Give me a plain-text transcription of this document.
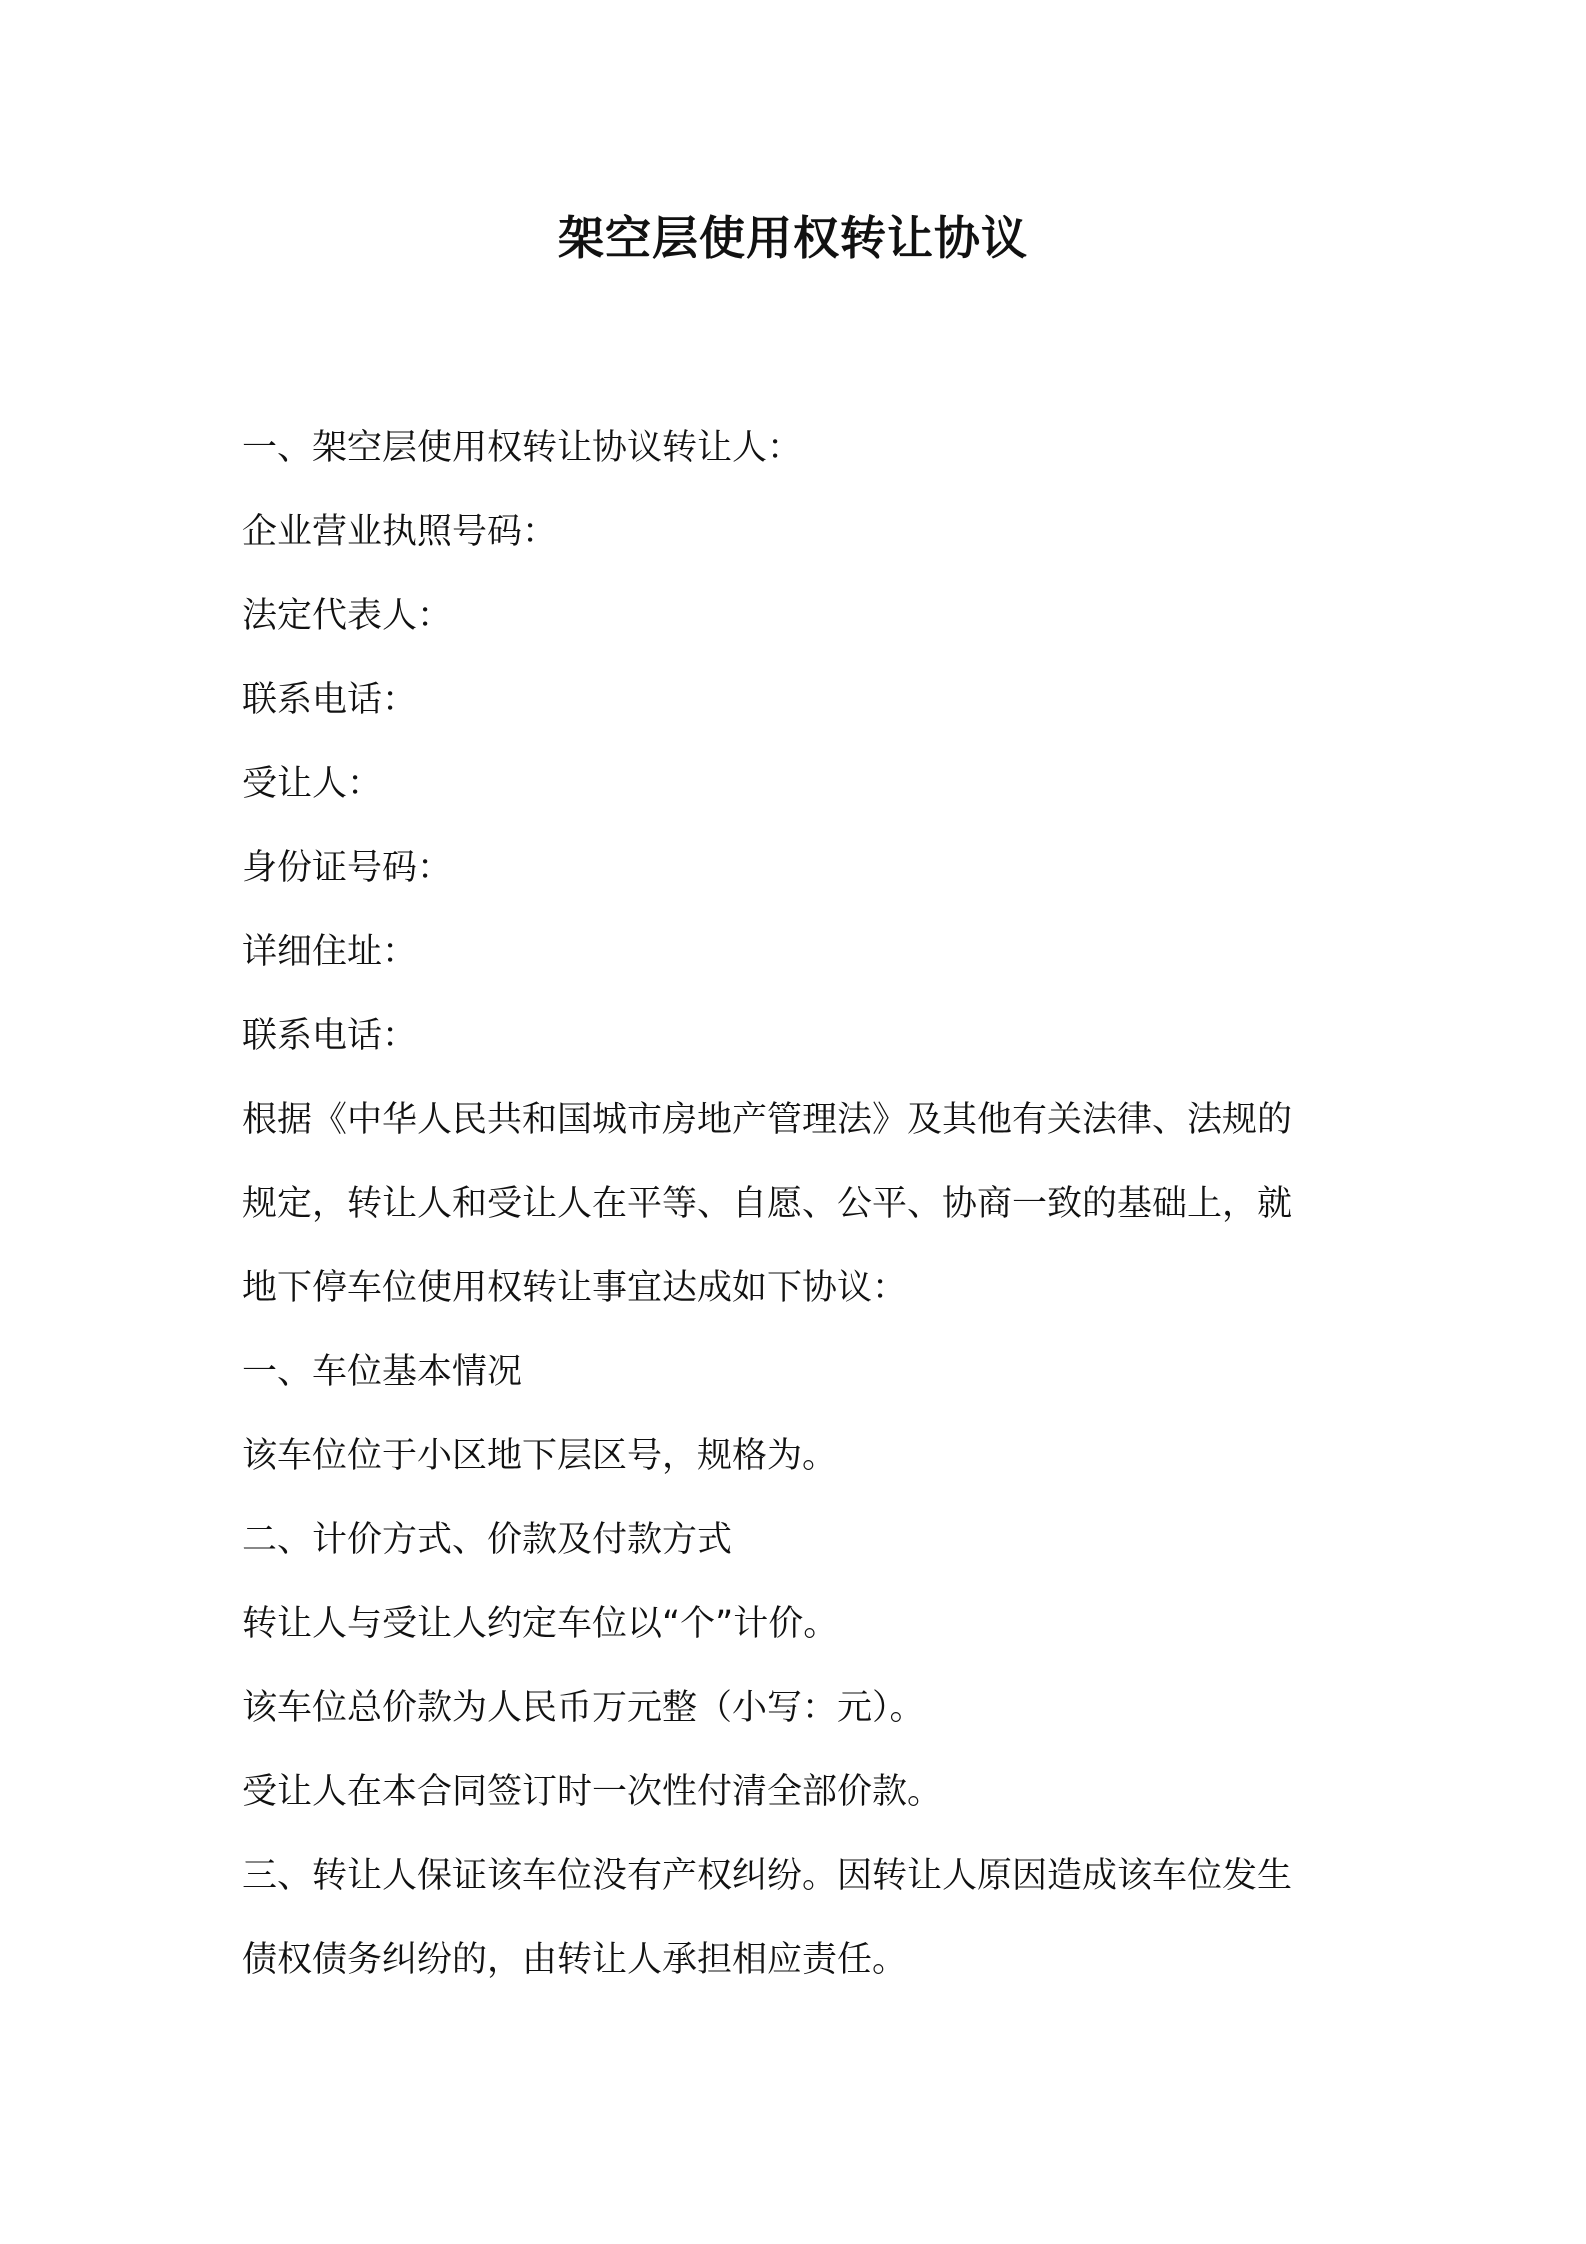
架空层使用权转让协议

一、架空层使用权转让协议转让人：

企业营业执照号码：

法定代表人：

联系电话：

受让人：

身份证号码：

详细住址：

联系电话：

根据《中华人民共和国城市房地产管理法》及其他有关法律、法规的

规定，转让人和受让人在平等、自愿、公平、协商一致的基础上，就

地下停车位使用权转让事宜达成如下协议：

一、车位基本情况

该车位位于小区地下层区号，规格为。

二、计价方式、价款及付款方式

转让人与受让人约定车位以“个”计价。

该车位总价款为人民币万元整（小写：元）。

受让人在本合同签订时一次性付清全部价款。

三、转让人保证该车位没有产权纠纷。因转让人原因造成该车位发生

债权债务纠纷的，由转让人承担相应责任。
